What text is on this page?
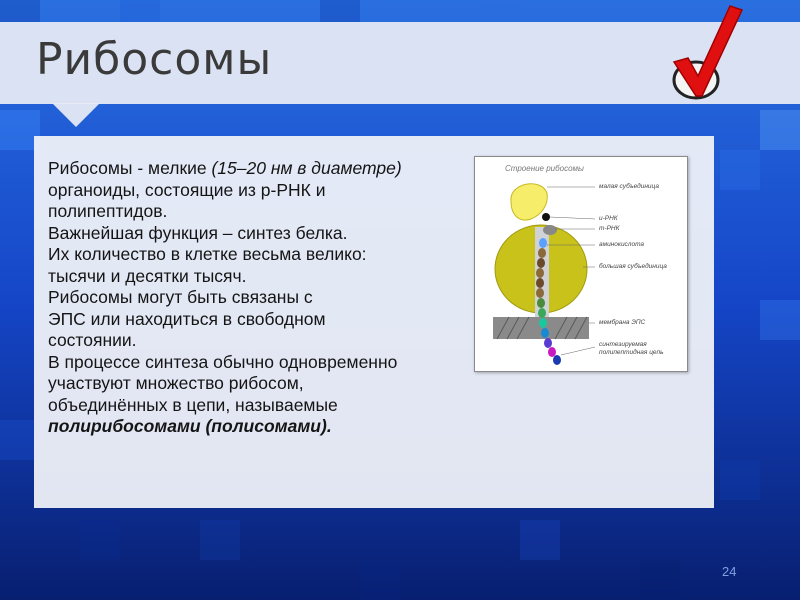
Рибосомы
Рибосомы - мелкие (15–20 нм в диаметре)
органоиды, состоящие из р-РНК и
полипептидов.
Важнейшая функция – синтез белка.
Их количество в клетке весьма велико:
тысячи и десятки тысяч.
Рибосомы могут быть связаны с
ЭПС или находиться в свободном
состоянии.
В процессе синтеза обычно одновременно
участвуют множество рибосом,
объединённых в цепи, называемые
полирибосомами (полисомами).
Строение рибосомы
малая субъединица
и-РНК
т-РНК
аминокислота
большая субъединица
мембрана ЭПС
синтезируемая
полипептидная цепь
24
